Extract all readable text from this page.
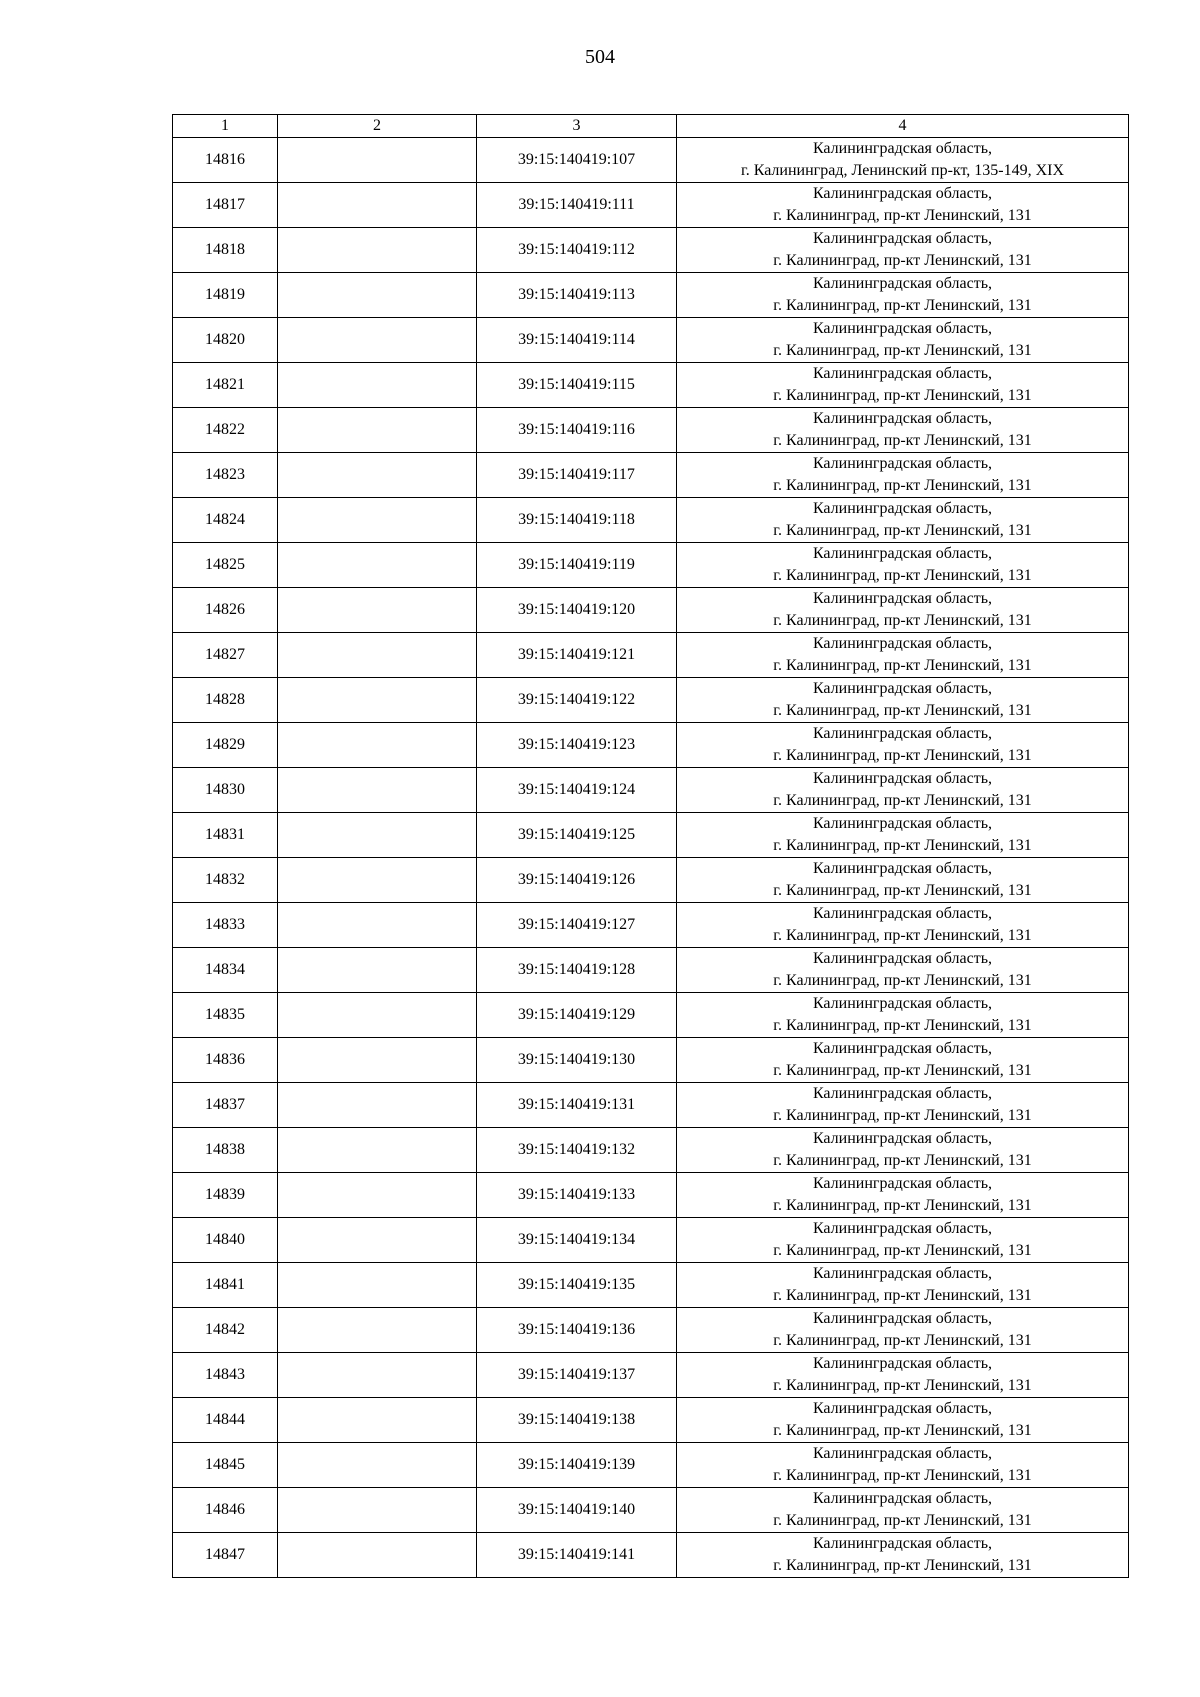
504
1	2	3	4
14816		39:15:140419:107	Калининградская область,
г. Калининград, Ленинский пр-кт, 135-149, XIX

14817		39:15:140419:111	Калининградская область,
г. Калининград, пр-кт Ленинский, 131

14818		39:15:140419:112	Калининградская область,
г. Калининград, пр-кт Ленинский, 131

14819		39:15:140419:113	Калининградская область,
г. Калининград, пр-кт Ленинский, 131

14820		39:15:140419:114	Калининградская область,
г. Калининград, пр-кт Ленинский, 131

14821		39:15:140419:115	Калининградская область,
г. Калининград, пр-кт Ленинский, 131

14822		39:15:140419:116	Калининградская область,
г. Калининград, пр-кт Ленинский, 131

14823		39:15:140419:117	Калининградская область,
г. Калининград, пр-кт Ленинский, 131

14824		39:15:140419:118	Калининградская область,
г. Калининград, пр-кт Ленинский, 131

14825		39:15:140419:119	Калининградская область,
г. Калининград, пр-кт Ленинский, 131

14826		39:15:140419:120	Калининградская область,
г. Калининград, пр-кт Ленинский, 131

14827		39:15:140419:121	Калининградская область,
г. Калининград, пр-кт Ленинский, 131

14828		39:15:140419:122	Калининградская область,
г. Калининград, пр-кт Ленинский, 131

14829		39:15:140419:123	Калининградская область,
г. Калининград, пр-кт Ленинский, 131

14830		39:15:140419:124	Калининградская область,
г. Калининград, пр-кт Ленинский, 131

14831		39:15:140419:125	Калининградская область,
г. Калининград, пр-кт Ленинский, 131

14832		39:15:140419:126	Калининградская область,
г. Калининград, пр-кт Ленинский, 131

14833		39:15:140419:127	Калининградская область,
г. Калининград, пр-кт Ленинский, 131

14834		39:15:140419:128	Калининградская область,
г. Калининград, пр-кт Ленинский, 131

14835		39:15:140419:129	Калининградская область,
г. Калининград, пр-кт Ленинский, 131

14836		39:15:140419:130	Калининградская область,
г. Калининград, пр-кт Ленинский, 131

14837		39:15:140419:131	Калининградская область,
г. Калининград, пр-кт Ленинский, 131

14838		39:15:140419:132	Калининградская область,
г. Калининград, пр-кт Ленинский, 131

14839		39:15:140419:133	Калининградская область,
г. Калининград, пр-кт Ленинский, 131

14840		39:15:140419:134	Калининградская область,
г. Калининград, пр-кт Ленинский, 131

14841		39:15:140419:135	Калининградская область,
г. Калининград, пр-кт Ленинский, 131

14842		39:15:140419:136	Калининградская область,
г. Калининград, пр-кт Ленинский, 131

14843		39:15:140419:137	Калининградская область,
г. Калининград, пр-кт Ленинский, 131

14844		39:15:140419:138	Калининградская область,
г. Калининград, пр-кт Ленинский, 131

14845		39:15:140419:139	Калининградская область,
г. Калининград, пр-кт Ленинский, 131

14846		39:15:140419:140	Калининградская область,
г. Калининград, пр-кт Ленинский, 131

14847		39:15:140419:141	Калининградская область,
г. Калининград, пр-кт Ленинский, 131
